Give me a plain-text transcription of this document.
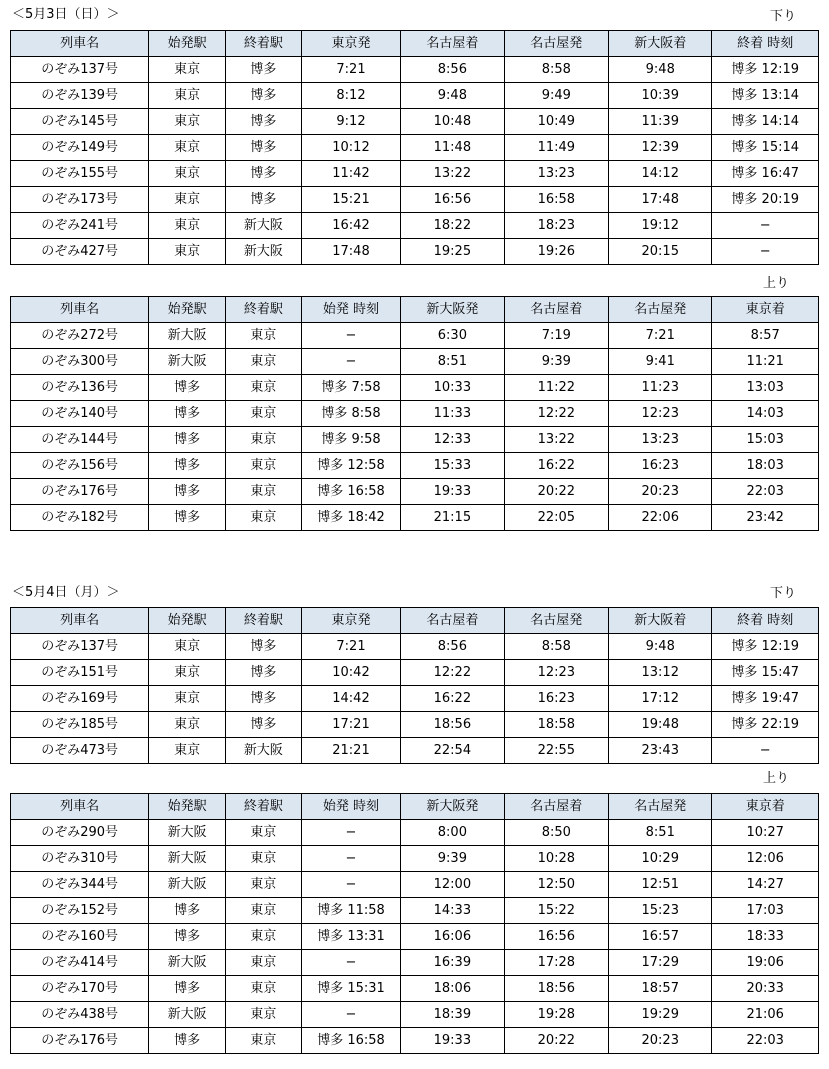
＜5月3日（日）＞	下り
列車名	始発駅	終着駅	東京発	名古屋着	名古屋発	新大阪着	終着 時刻
のぞみ137号	東京	博多	7:21	8:56	8:58	9:48	博多 12:19
のぞみ139号	東京	博多	8:12	9:48	9:49	10:39	博多 13:14
のぞみ145号	東京	博多	9:12	10:48	10:49	11:39	博多 14:14
のぞみ149号	東京	博多	10:12	11:48	11:49	12:39	博多 15:14
のぞみ155号	東京	博多	11:42	13:22	13:23	14:12	博多 16:47
のぞみ173号	東京	博多	15:21	16:56	16:58	17:48	博多 20:19
のぞみ241号	東京	新大阪	16:42	18:22	18:23	19:12	−
のぞみ427号	東京	新大阪	17:48	19:25	19:26	20:15	−
上り
列車名	始発駅	終着駅	始発 時刻	新大阪発	名古屋着	名古屋発	東京着
のぞみ272号	新大阪	東京	−	6:30	7:19	7:21	8:57
のぞみ300号	新大阪	東京	−	8:51	9:39	9:41	11:21
のぞみ136号	博多	東京	博多 7:58	10:33	11:22	11:23	13:03
のぞみ140号	博多	東京	博多 8:58	11:33	12:22	12:23	14:03
のぞみ144号	博多	東京	博多 9:58	12:33	13:22	13:23	15:03
のぞみ156号	博多	東京	博多 12:58	15:33	16:22	16:23	18:03
のぞみ176号	博多	東京	博多 16:58	19:33	20:22	20:23	22:03
のぞみ182号	博多	東京	博多 18:42	21:15	22:05	22:06	23:42
＜5月4日（月）＞	下り
列車名	始発駅	終着駅	東京発	名古屋着	名古屋発	新大阪着	終着 時刻
のぞみ137号	東京	博多	7:21	8:56	8:58	9:48	博多 12:19
のぞみ151号	東京	博多	10:42	12:22	12:23	13:12	博多 15:47
のぞみ169号	東京	博多	14:42	16:22	16:23	17:12	博多 19:47
のぞみ185号	東京	博多	17:21	18:56	18:58	19:48	博多 22:19
のぞみ473号	東京	新大阪	21:21	22:54	22:55	23:43	−
上り
列車名	始発駅	終着駅	始発 時刻	新大阪発	名古屋着	名古屋発	東京着
のぞみ290号	新大阪	東京	−	8:00	8:50	8:51	10:27
のぞみ310号	新大阪	東京	−	9:39	10:28	10:29	12:06
のぞみ344号	新大阪	東京	−	12:00	12:50	12:51	14:27
のぞみ152号	博多	東京	博多 11:58	14:33	15:22	15:23	17:03
のぞみ160号	博多	東京	博多 13:31	16:06	16:56	16:57	18:33
のぞみ414号	新大阪	東京	−	16:39	17:28	17:29	19:06
のぞみ170号	博多	東京	博多 15:31	18:06	18:56	18:57	20:33
のぞみ438号	新大阪	東京	−	18:39	19:28	19:29	21:06
のぞみ176号	博多	東京	博多 16:58	19:33	20:22	20:23	22:03
